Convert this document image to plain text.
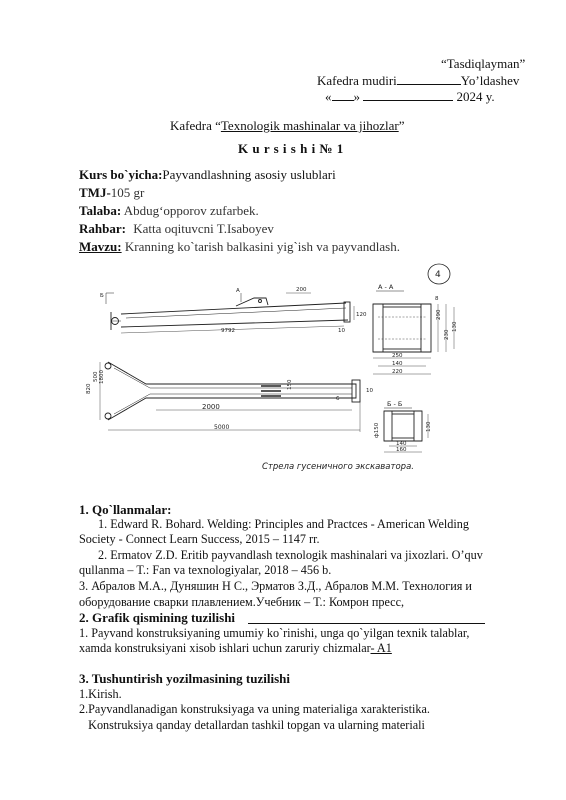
“Tasdiqlayman”
Kafedra mudiri	Yo’ldashev
« »	2024 y.
Kafedra “Texnologik mashinalar va jihozlar”
K u r s i s h i № 1
Kurs bo`yicha:Payvandlashning asosiy uslublari
TMJ-105 gr
Talaba: Abdug‘opporov zufarbek.
Rahbar: Katta oqituvcni T.Isaboyev
Mavzu: Kranning ko`tarish balkasini yig`ish va payvandlash.
4
Б
А	200
9792	10
120
А - А
250
140
220
290
230
130
8
820
500 1800
150
6
10
2000
5000
Б - Б
140
160
130
ф150
Стрела гусеничного экскаватора.
1. Qo`llanmalar:
1. Edward R. Bohard. Welding: Principles and Practces - American Welding
Society - Connect Learn Success, 2015 – 1147 rr.
2. Ermatov Z.D. Eritib payvandlash texnologik mashinalari va jixozlari. O’quv
qullanma – T.: Fan va texnologiyalar, 2018 – 456 b.
3. Абралов М.А., Дуняшин Н С., Эрматов З.Д., Абралов М.М. Технология и
оборудование сварки плавлением.Учебник – Т.: Комрон пресс,
2. Grafik qismining tuzilishi
1. Payvand konstruksiyaning umumiy ko`rinishi, unga qo`yilgan texnik talablar,
xamda konstruksiyani xisob ishlari uchun zaruriy chizmalar- A1
3. Tushuntirish yozilmasining tuzilishi
1.Kirish.
2.Payvandlanadigan konstruksiyaga va uning materialiga xarakteristika.
Konstruksiya qanday detallardan tashkil topgan va ularning materiali
